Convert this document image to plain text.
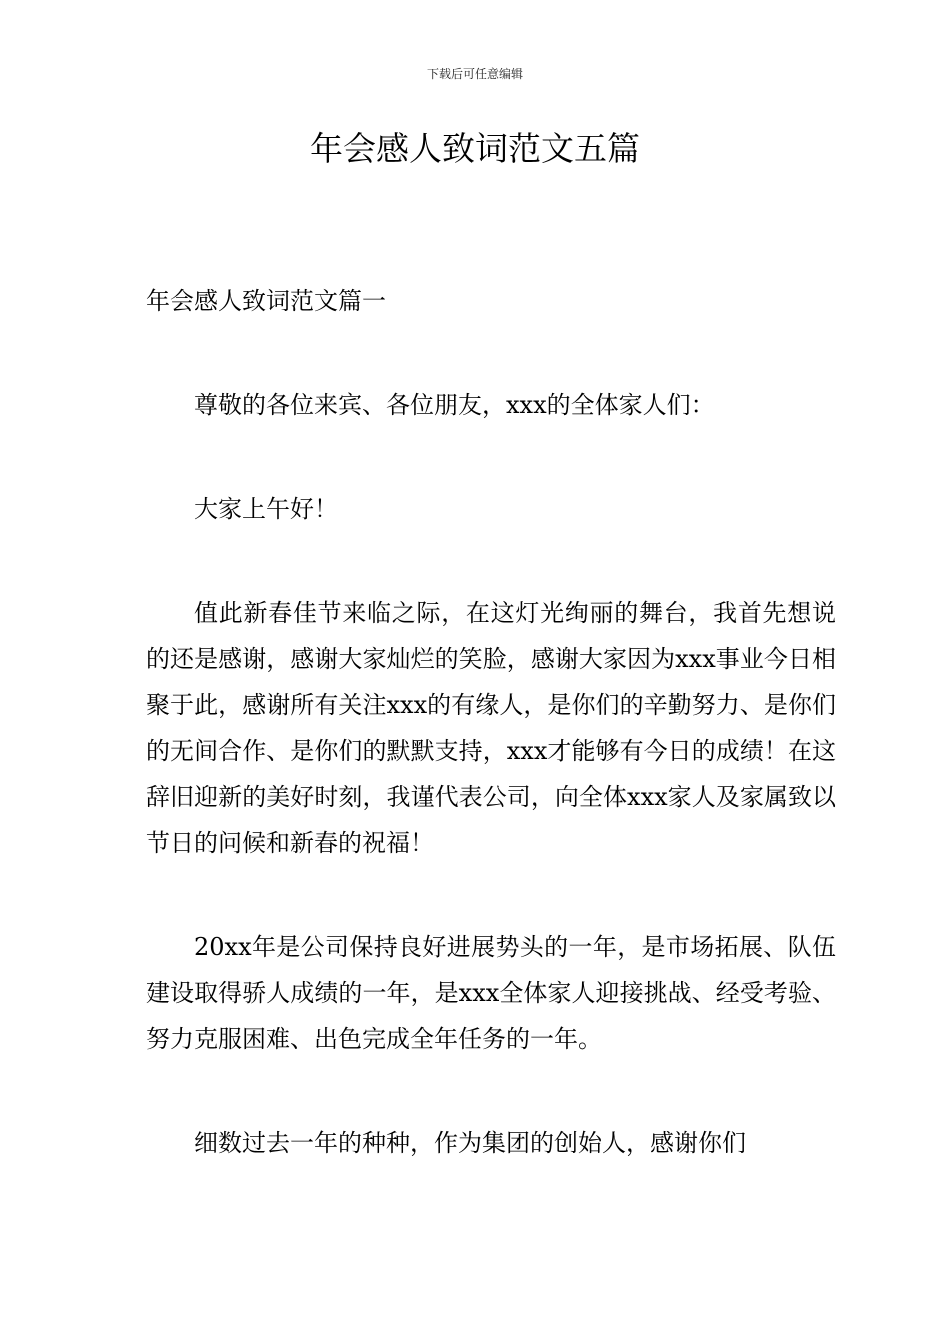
下载后可任意编辑
年会感人致词范文五篇

年会感人致词范文篇一

尊敬的各位来宾、各位朋友，xxx的全体家人们：

大家上午好！

值此新春佳节来临之际，在这灯光绚丽的舞台，我首先想说的还是感谢，感谢大家灿烂的笑脸，感谢大家因为xxx事业今日相聚于此，感谢所有关注xxx的有缘人，是你们的辛勤努力、是你们的无间合作、是你们的默默支持，xxx才能够有今日的成绩！在这辞旧迎新的美好时刻，我谨代表公司，向全体xxx家人及家属致以节日的问候和新春的祝福！

20xx年是公司保持良好进展势头的一年，是市场拓展、队伍建设取得骄人成绩的一年，是xxx全体家人迎接挑战、经受考验、努力克服困难、出色完成全年任务的一年。

细数过去一年的种种，作为集团的创始人，感谢你们
